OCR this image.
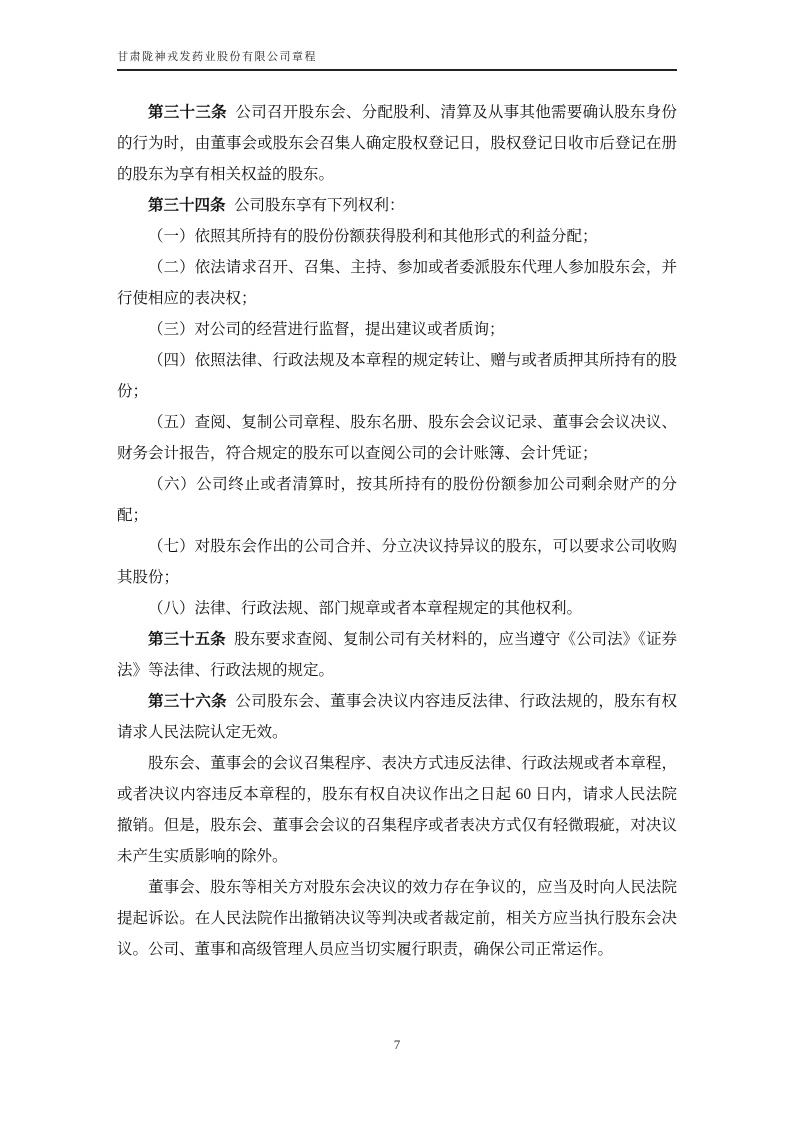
甘肃陇神戎发药业股份有限公司章程

第三十三条 公司召开股东会、分配股利、清算及从事其他需要确认股东身份的行为时，由董事会或股东会召集人确定股权登记日，股权登记日收市后登记在册的股东为享有相关权益的股东。

第三十四条 公司股东享有下列权利：

（一）依照其所持有的股份份额获得股利和其他形式的利益分配；

（二）依法请求召开、召集、主持、参加或者委派股东代理人参加股东会，并行使相应的表决权；

（三）对公司的经营进行监督，提出建议或者质询；

（四）依照法律、行政法规及本章程的规定转让、赠与或者质押其所持有的股份；

（五）查阅、复制公司章程、股东名册、股东会会议记录、董事会会议决议、财务会计报告，符合规定的股东可以查阅公司的会计账簿、会计凭证；

（六）公司终止或者清算时，按其所持有的股份份额参加公司剩余财产的分配；

（七）对股东会作出的公司合并、分立决议持异议的股东，可以要求公司收购其股份；

（八）法律、行政法规、部门规章或者本章程规定的其他权利。

第三十五条 股东要求查阅、复制公司有关材料的，应当遵守《公司法》《证券法》等法律、行政法规的规定。

第三十六条 公司股东会、董事会决议内容违反法律、行政法规的，股东有权请求人民法院认定无效。

股东会、董事会的会议召集程序、表决方式违反法律、行政法规或者本章程，或者决议内容违反本章程的，股东有权自决议作出之日起 60 日内，请求人民法院撤销。但是，股东会、董事会会议的召集程序或者表决方式仅有轻微瑕疵，对决议未产生实质影响的除外。

董事会、股东等相关方对股东会决议的效力存在争议的，应当及时向人民法院提起诉讼。在人民法院作出撤销决议等判决或者裁定前，相关方应当执行股东会决议。公司、董事和高级管理人员应当切实履行职责，确保公司正常运作。

7
